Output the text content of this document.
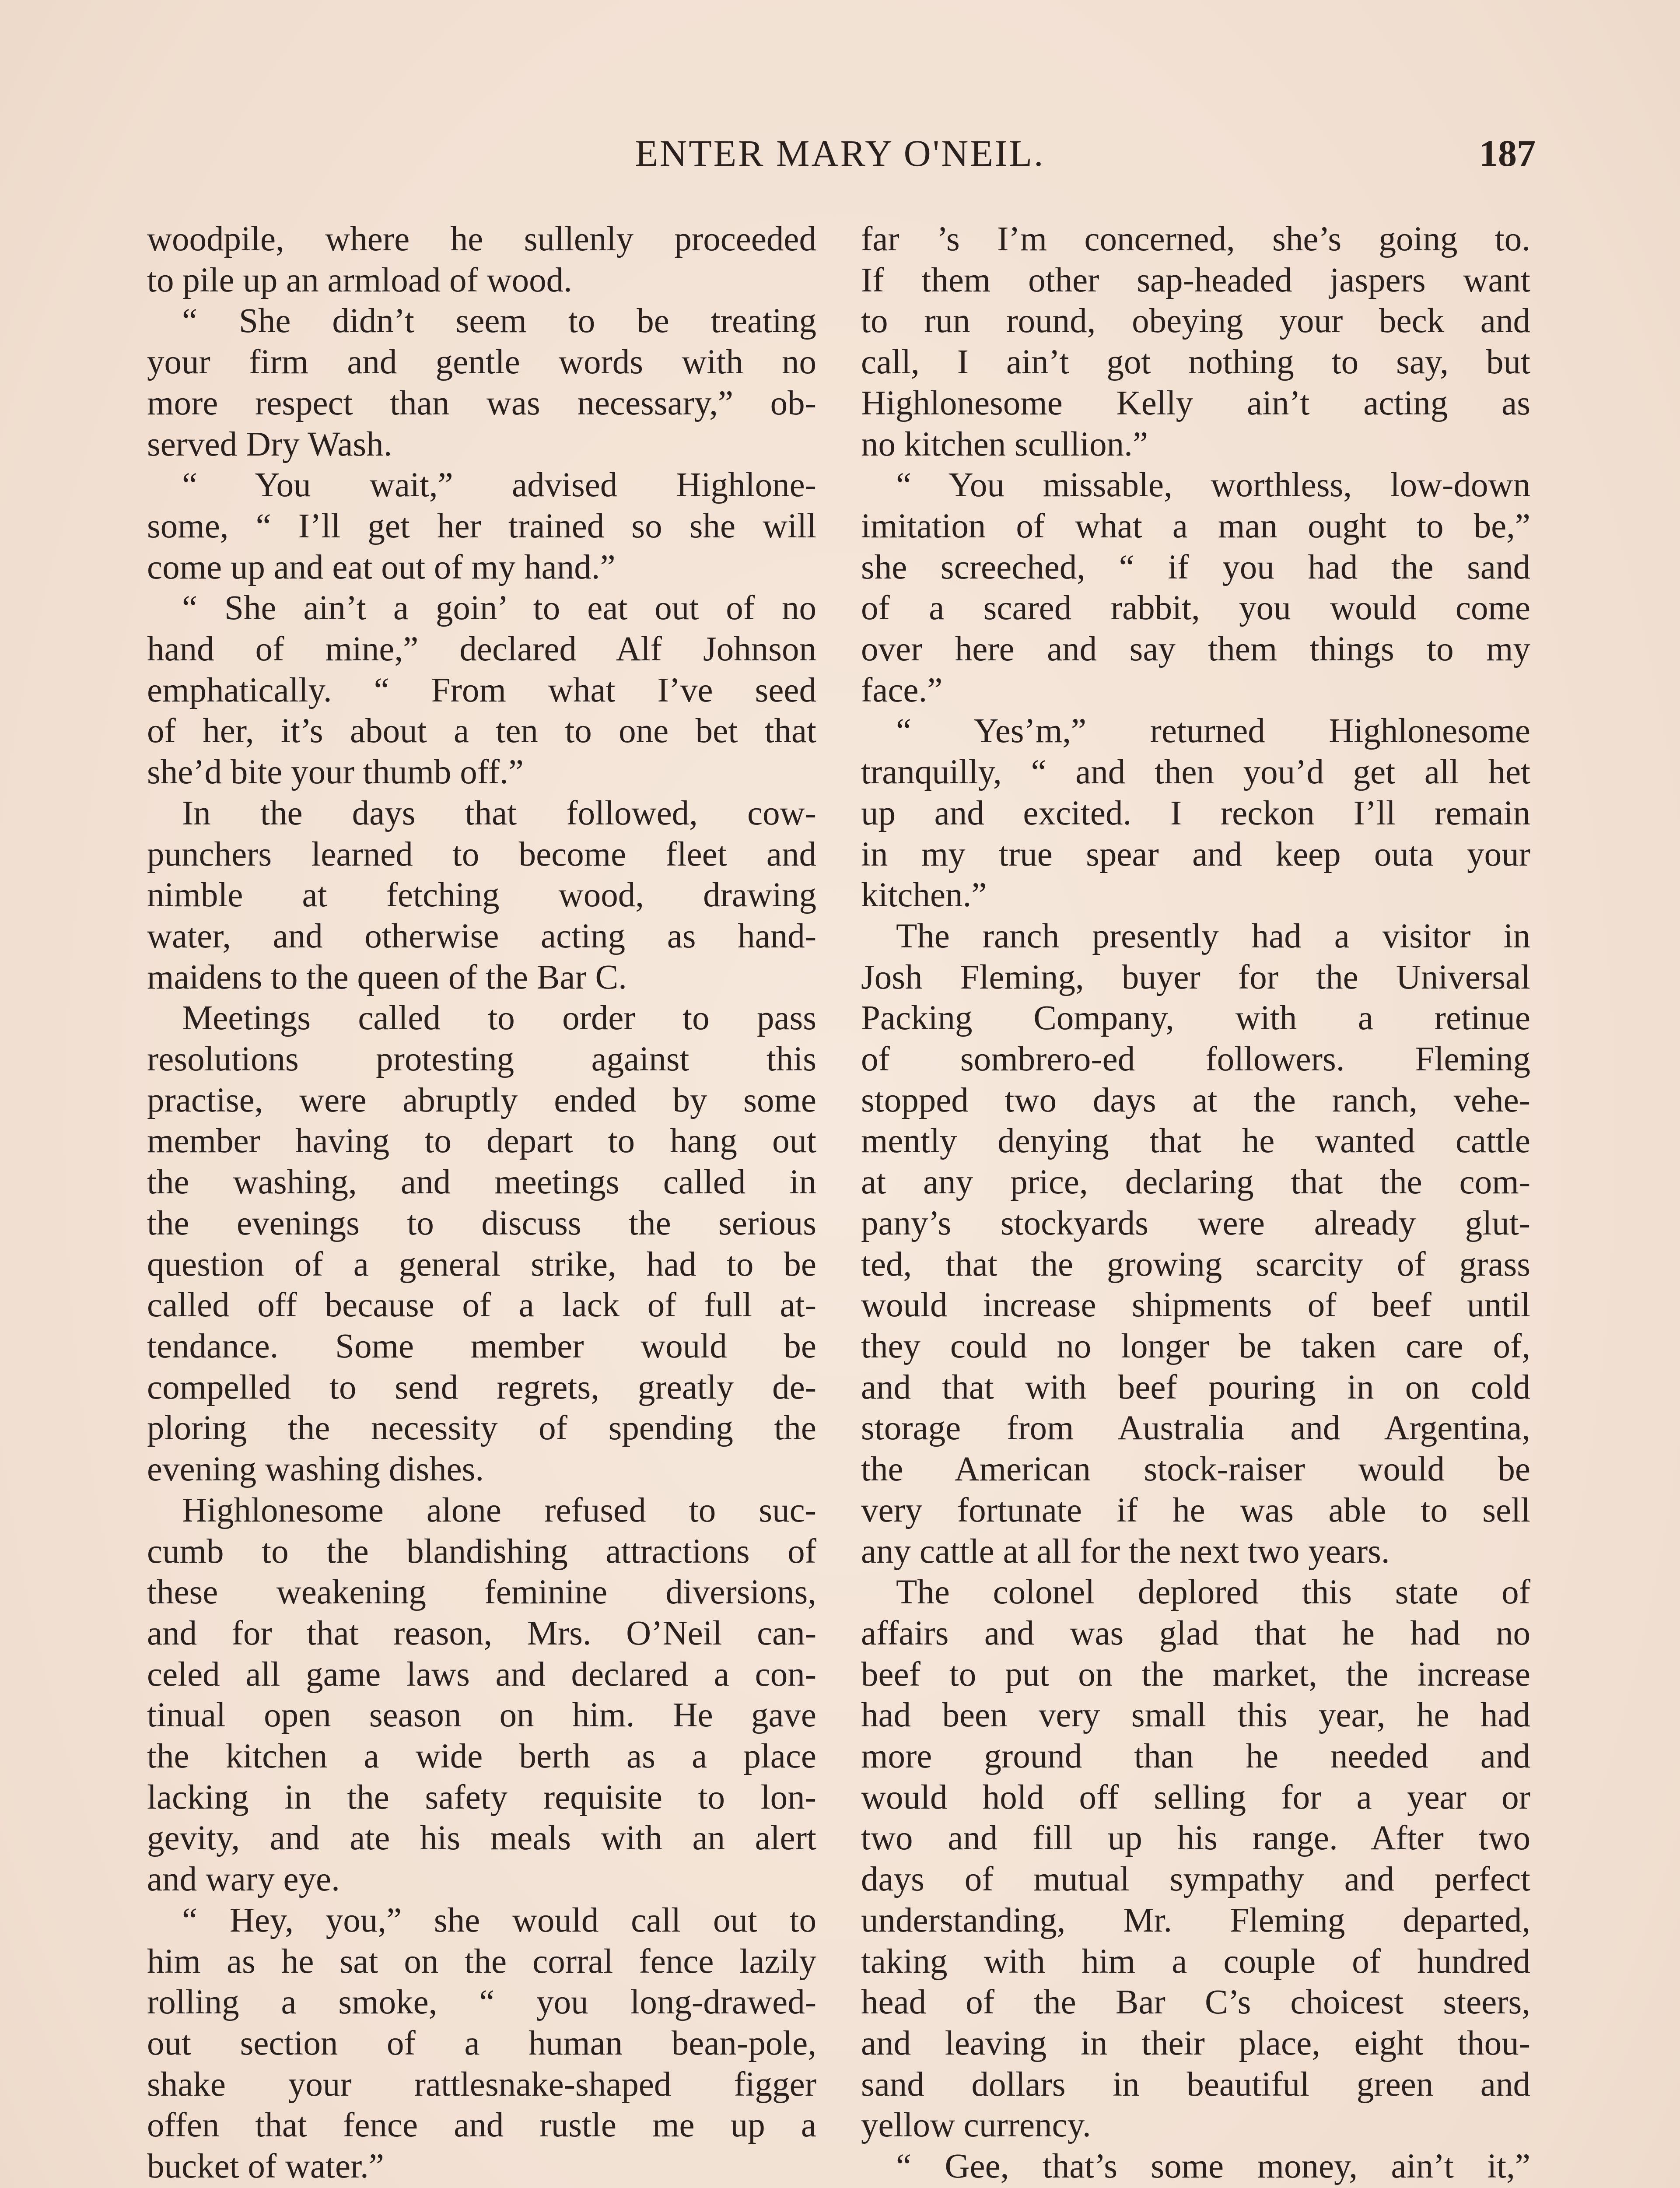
ENTER MARY O'NEIL.	187
woodpile, where he sullenly proceeded
to pile up an armload of wood.
“ She didn’t seem to be treating
your firm and gentle words with no
more respect than was necessary,” ob-
served Dry Wash.
“ You wait,” advised Highlone-
some, “ I’ll get her trained so she will
come up and eat out of my hand.”
“ She ain’t a goin’ to eat out of no
hand of mine,” declared Alf Johnson
emphatically. “ From what I’ve seed
of her, it’s about a ten to one bet that
she’d bite your thumb off.”
In the days that followed, cow-
punchers learned to become fleet and
nimble at fetching wood, drawing
water, and otherwise acting as hand-
maidens to the queen of the Bar C.
Meetings called to order to pass
resolutions protesting against this
practise, were abruptly ended by some
member having to depart to hang out
the washing, and meetings called in
the evenings to discuss the serious
question of a general strike, had to be
called off because of a lack of full at-
tendance. Some member would be
compelled to send regrets, greatly de-
ploring the necessity of spending the
evening washing dishes.
Highlonesome alone refused to suc-
cumb to the blandishing attractions of
these weakening feminine diversions,
and for that reason, Mrs. O’Neil can-
celed all game laws and declared a con-
tinual open season on him. He gave
the kitchen a wide berth as a place
lacking in the safety requisite to lon-
gevity, and ate his meals with an alert
and wary eye.
“ Hey, you,” she would call out to
him as he sat on the corral fence lazily
rolling a smoke, “ you long-drawed-
out section of a human bean-pole,
shake your rattlesnake-shaped figger
offen that fence and rustle me up a
bucket of water.”
far ’s I’m concerned, she’s going to.
If them other sap-headed jaspers want
to run round, obeying your beck and
call, I ain’t got nothing to say, but
Highlonesome Kelly ain’t acting as
no kitchen scullion.”
“ You missable, worthless, low-down
imitation of what a man ought to be,”
she screeched, “ if you had the sand
of a scared rabbit, you would come
over here and say them things to my
face.”
“ Yes’m,” returned Highlonesome
tranquilly, “ and then you’d get all het
up and excited. I reckon I’ll remain
in my true spear and keep outa your
kitchen.”
The ranch presently had a visitor in
Josh Fleming, buyer for the Universal
Packing Company, with a retinue
of sombrero-ed followers. Fleming
stopped two days at the ranch, vehe-
mently denying that he wanted cattle
at any price, declaring that the com-
pany’s stockyards were already glut-
ted, that the growing scarcity of grass
would increase shipments of beef until
they could no longer be taken care of,
and that with beef pouring in on cold
storage from Australia and Argentina,
the American stock-raiser would be
very fortunate if he was able to sell
any cattle at all for the next two years.
The colonel deplored this state of
affairs and was glad that he had no
beef to put on the market, the increase
had been very small this year, he had
more ground than he needed and
would hold off selling for a year or
two and fill up his range. After two
days of mutual sympathy and perfect
understanding, Mr. Fleming departed,
taking with him a couple of hundred
head of the Bar C’s choicest steers,
and leaving in their place, eight thou-
sand dollars in beautiful green and
yellow currency.
“ Gee, that’s some money, ain’t it,”
